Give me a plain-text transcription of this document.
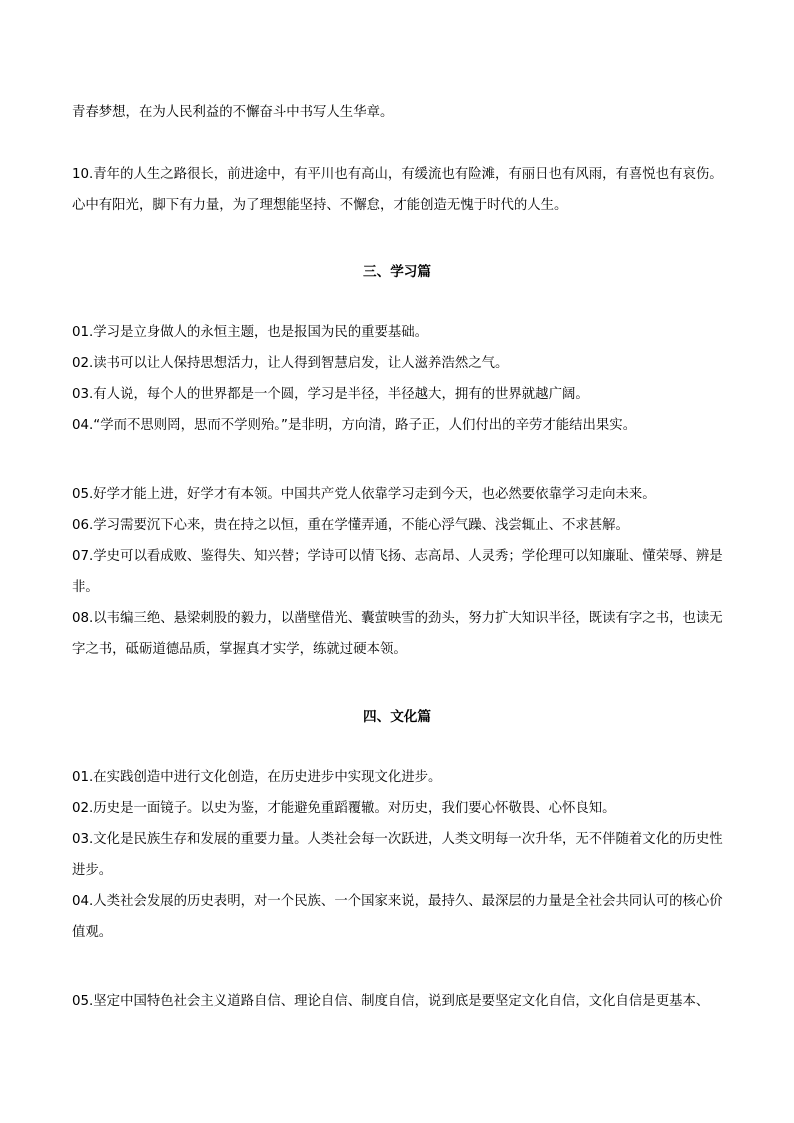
青春梦想，在为人民利益的不懈奋斗中书写人生华章。

10.青年的人生之路很长，前进途中，有平川也有高山，有缓流也有险滩，有丽日也有风雨，有喜悦也有哀伤。心中有阳光，脚下有力量，为了理想能坚持、不懈怠，才能创造无愧于时代的人生。

三、学习篇

01.学习是立身做人的永恒主题，也是报国为民的重要基础。

02.读书可以让人保持思想活力，让人得到智慧启发，让人滋养浩然之气。

03.有人说，每个人的世界都是一个圆，学习是半径，半径越大，拥有的世界就越广阔。

04.“学而不思则罔，思而不学则殆。”是非明，方向清，路子正，人们付出的辛劳才能结出果实。

05.好学才能上进，好学才有本领。中国共产党人依靠学习走到今天，也必然要依靠学习走向未来。

06.学习需要沉下心来，贵在持之以恒，重在学懂弄通，不能心浮气躁、浅尝辄止、不求甚解。

07.学史可以看成败、鉴得失、知兴替；学诗可以情飞扬、志高昂、人灵秀；学伦理可以知廉耻、懂荣辱、辨是非。

08.以韦编三绝、悬梁刺股的毅力，以凿壁借光、囊萤映雪的劲头，努力扩大知识半径，既读有字之书，也读无字之书，砥砺道德品质，掌握真才实学，练就过硬本领。

四、文化篇

01.在实践创造中进行文化创造，在历史进步中实现文化进步。

02.历史是一面镜子。以史为鉴，才能避免重蹈覆辙。对历史，我们要心怀敬畏、心怀良知。

03.文化是民族生存和发展的重要力量。人类社会每一次跃进，人类文明每一次升华，无不伴随着文化的历史性进步。

04.人类社会发展的历史表明，对一个民族、一个国家来说，最持久、最深层的力量是全社会共同认可的核心价值观。

05.坚定中国特色社会主义道路自信、理论自信、制度自信，说到底是要坚定文化自信，文化自信是更基本、
